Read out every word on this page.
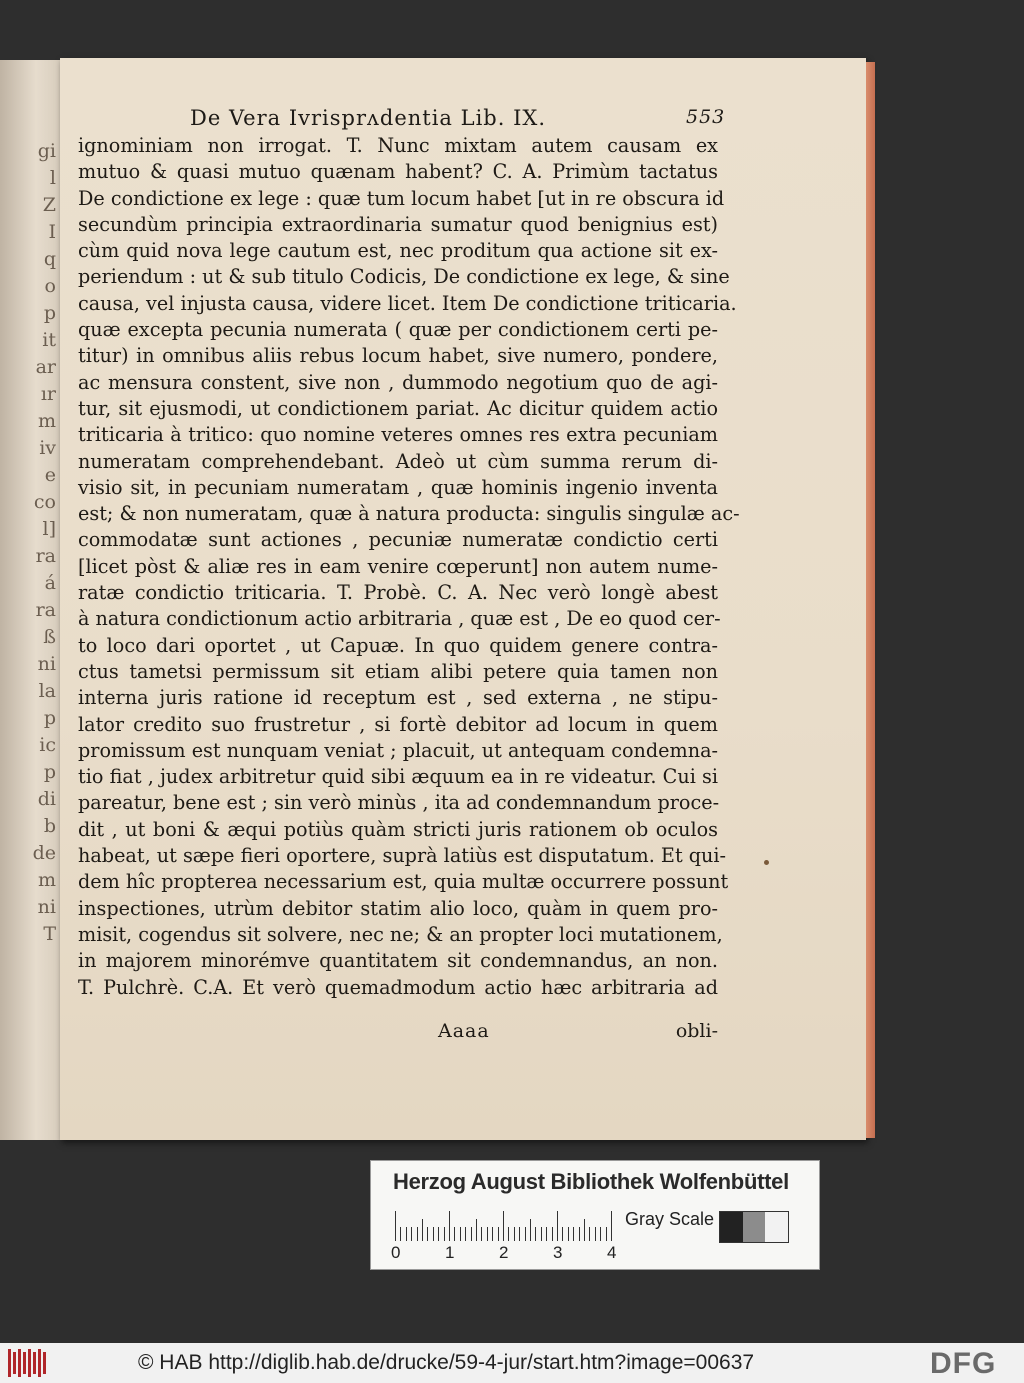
gi
l
Z
I
q
o
p
it
ar
ır
m
iv
e
co
l]
ra
á
ra
ß
ni
la
p
ic
p
di
b
de
m
ni
T
De Vera Ivrisprʌdentia Lib. IX.	553
ignominiam non irrogat. T. Nunc mixtam autem causam ex
mutuo & quasi mutuo quænam habent? C. A. Primùm tactatus
De condictione ex lege : quæ tum locum habet [ut in re obscura id
secundùm principia extraordinaria sumatur quod benignius est)
cùm quid nova lege cautum est, nec proditum qua actione sit ex-
periendum : ut & sub titulo Codicis, De condictione ex lege, & sine
causa, vel injusta causa, videre licet. Item De condictione triticaria.
quæ excepta pecunia numerata ( quæ per condictionem certi pe-
titur) in omnibus aliis rebus locum habet, sive numero, pondere,
ac mensura constent, sive non , dummodo negotium quo de agi-
tur, sit ejusmodi, ut condictionem pariat. Ac dicitur quidem actio
triticaria à tritico: quo nomine veteres omnes res extra pecuniam
numeratam comprehendebant. Adeò ut cùm summa rerum di-
visio sit, in pecuniam numeratam , quæ hominis ingenio inventa
est; & non numeratam, quæ à natura producta: singulis singulæ ac-
commodatæ sunt actiones , pecuniæ numeratæ condictio certi
[licet pòst & aliæ res in eam venire cœperunt] non autem nume-
ratæ condictio triticaria. T. Probè. C. A. Nec verò longè abest
à natura condictionum actio arbitraria , quæ est , De eo quod cer-
to loco dari oportet , ut Capuæ. In quo quidem genere contra-
ctus tametsi permissum sit etiam alibi petere quia tamen non
interna juris ratione id receptum est , sed externa , ne stipu-
lator credito suo frustretur , si fortè debitor ad locum in quem
promissum est nunquam veniat ; placuit, ut antequam condemna-
tio fiat , judex arbitretur quid sibi æquum ea in re videatur. Cui si
pareatur, bene est ; sin verò minùs , ita ad condemnandum proce-
dit , ut boni & æqui potiùs quàm stricti juris rationem ob oculos
habeat, ut sæpe fieri oportere, suprà latiùs est disputatum. Et qui-
dem hîc propterea necessarium est, quia multæ occurrere possunt
inspectiones, utrùm debitor statim alio loco, quàm in quem pro-
misit, cogendus sit solvere, nec ne; & an propter loci mutationem,
in majorem minorémve quantitatem sit condemnandus, an non.
T. Pulchrè. C.A. Et verò quemadmodum actio hæc arbitraria ad
Aaaa	obli-
Herzog August Bibliothek Wolfenbüttel
0	1	2	3	4
Gray Scale
© HAB http://diglib.hab.de/drucke/59-4-jur/start.htm?image=00637	DFG
